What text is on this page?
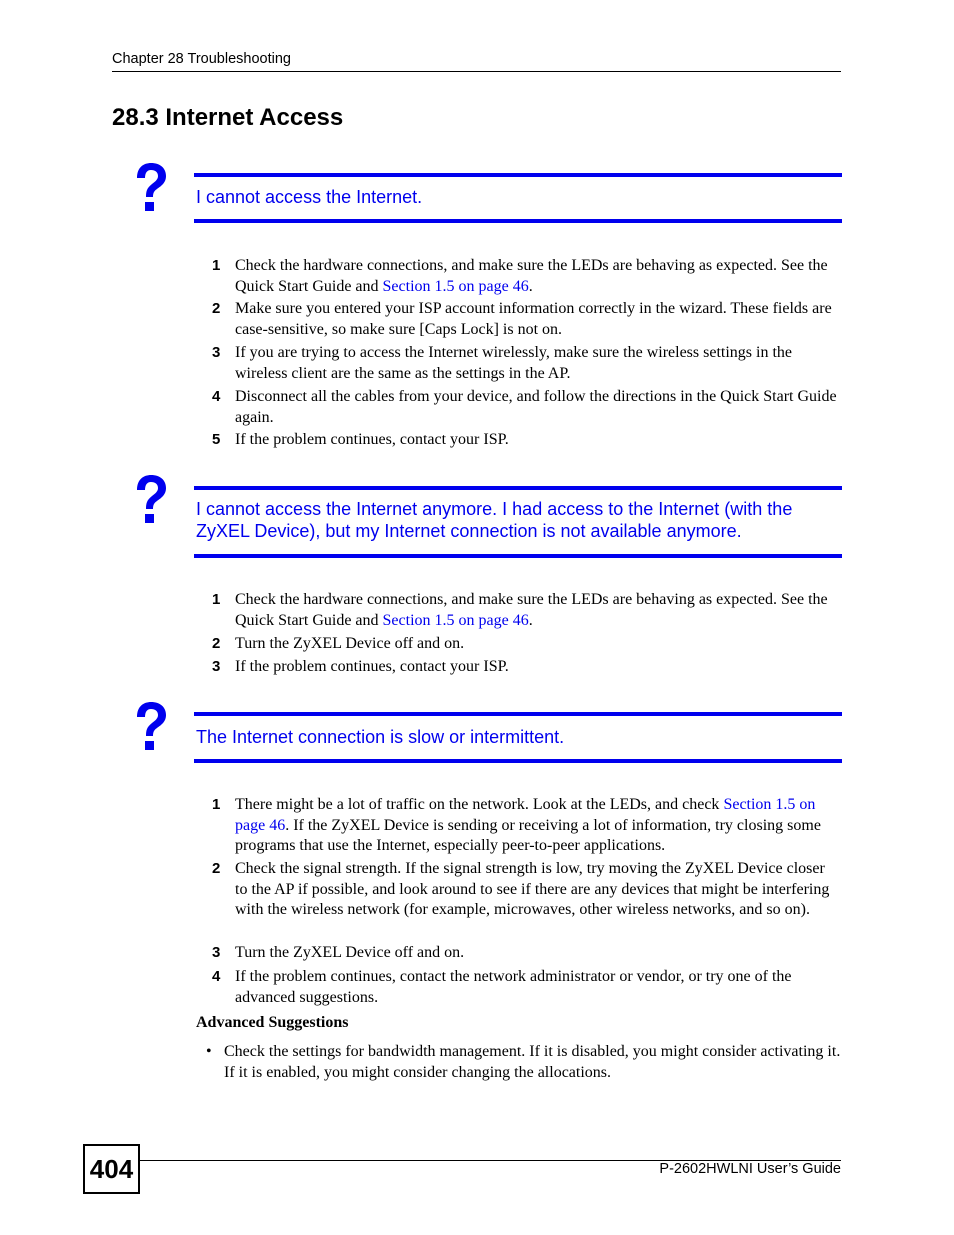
Chapter 28 Troubleshooting
28.3 Internet Access

I cannot access the Internet.

1 Check the hardware connections, and make sure the LEDs are behaving as expected. See the Quick Start Guide and Section 1.5 on page 46.
2 Make sure you entered your ISP account information correctly in the wizard. These fields are case-sensitive, so make sure [Caps Lock] is not on.
3 If you are trying to access the Internet wirelessly, make sure the wireless settings in the wireless client are the same as the settings in the AP.
4 Disconnect all the cables from your device, and follow the directions in the Quick Start Guide again.
5 If the problem continues, contact your ISP.

I cannot access the Internet anymore. I had access to the Internet (with the ZyXEL Device), but my Internet connection is not available anymore.

1 Check the hardware connections, and make sure the LEDs are behaving as expected. See the Quick Start Guide and Section 1.5 on page 46.
2 Turn the ZyXEL Device off and on.
3 If the problem continues, contact your ISP.

The Internet connection is slow or intermittent.

1 There might be a lot of traffic on the network. Look at the LEDs, and check Section 1.5 on page 46. If the ZyXEL Device is sending or receiving a lot of information, try closing some programs that use the Internet, especially peer-to-peer applications.
2 Check the signal strength. If the signal strength is low, try moving the ZyXEL Device closer to the AP if possible, and look around to see if there are any devices that might be interfering with the wireless network (for example, microwaves, other wireless networks, and so on).
3 Turn the ZyXEL Device off and on.
4 If the problem continues, contact the network administrator or vendor, or try one of the advanced suggestions.
Advanced Suggestions
• Check the settings for bandwidth management. If it is disabled, you might consider activating it. If it is enabled, you might consider changing the allocations.
404	P-2602HWLNI User’s Guide
